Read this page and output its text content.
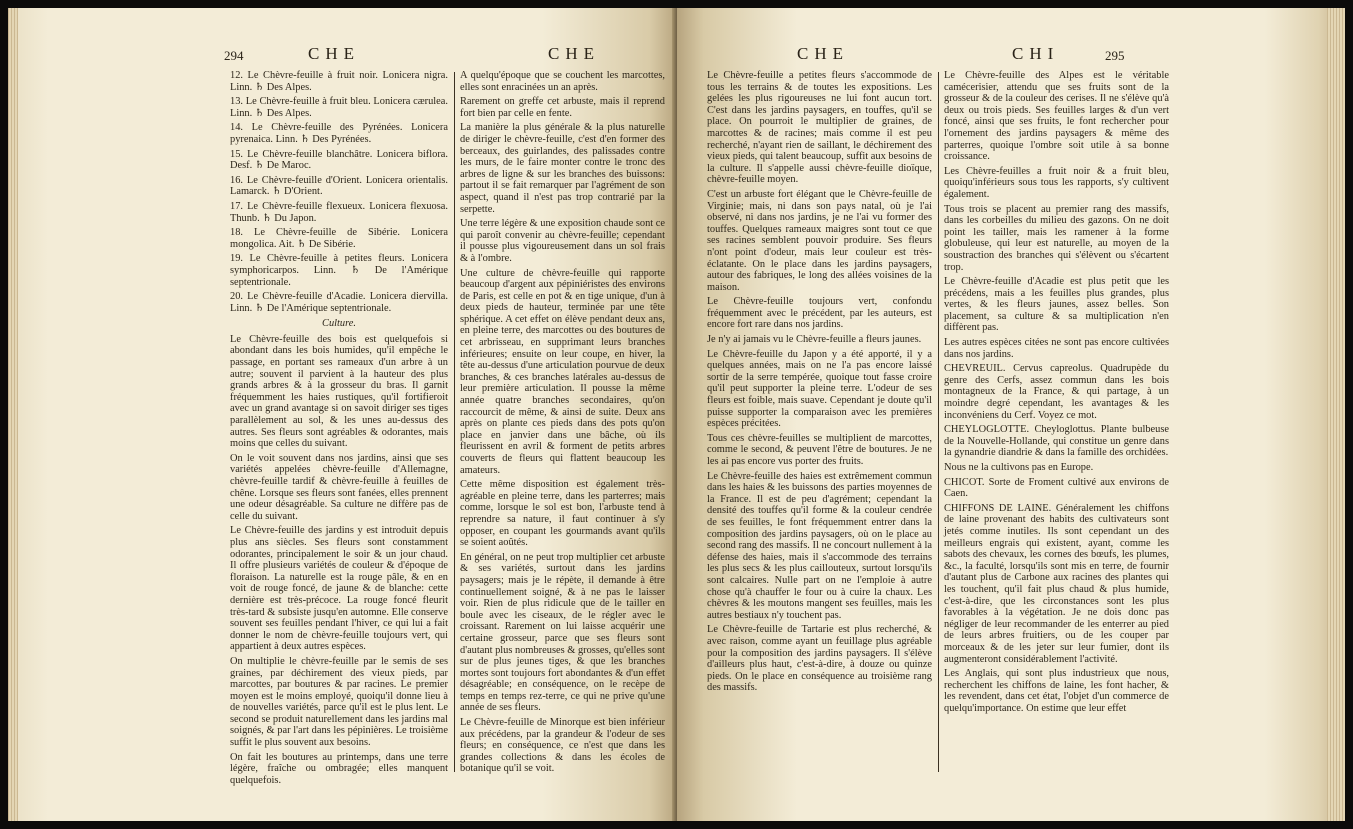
294	CHE	CHE

12. Le Chèvre-feuille à fruit noir. Lonicera nigra. Linn. ♄ Des Alpes.

13. Le Chèvre-feuille à fruit bleu. Lonicera cærulea. Linn. ♄ Des Alpes.

14. Le Chèvre-feuille des Pyrénées. Lonicera pyrenaica. Linn. ♄ Des Pyrénées.

15. Le Chèvre-feuille blanchâtre. Lonicera biflora. Desf. ♄ De Maroc.

16. Le Chèvre-feuille d'Orient. Lonicera orientalis. Lamarck. ♄ D'Orient.

17. Le Chèvre-feuille flexueux. Lonicera flexuosa. Thunb. ♄ Du Japon.

18. Le Chèvre-feuille de Sibérie. Lonicera mongolica. Ait. ♄ De Sibérie.

19. Le Chèvre-feuille à petites fleurs. Lonicera symphoricarpos. Linn. ♄ De l'Amérique septentrionale.

20. Le Chèvre-feuille d'Acadie. Lonicera diervilla. Linn. ♄ De l'Amérique septentrionale.

Culture.

Le Chèvre-feuille des bois est quelquefois si abondant dans les bois humides, qu'il empêche le passage, en portant ses rameaux d'un arbre à un autre; souvent il parvient à la hauteur des plus grands arbres & à la grosseur du bras. Il garnit fréquemment les haies rustiques, qu'il fortifieroit avec un grand avantage si on savoit diriger ses tiges parallèlement au sol, & les unes au-dessus des autres. Ses fleurs sont agréables & odorantes, mais moins que celles du suivant.

On le voit souvent dans nos jardins, ainsi que ses variétés appelées chèvre-feuille d'Allemagne, chèvre-feuille tardif & chèvre-feuille à feuilles de chêne. Lorsque ses fleurs sont fanées, elles prennent une odeur désagréable. Sa culture ne diffère pas de celle du suivant.

Le Chèvre-feuille des jardins y est introduit depuis plus ans siècles. Ses fleurs sont constamment odorantes, principalement le soir & un jour chaud. Il offre plusieurs variétés de couleur & d'époque de floraison. La naturelle est la rouge pâle, & en en voit de rouge foncé, de jaune & de blanche: cette dernière est très-précoce. La rouge foncé fleurit très-tard & subsiste jusqu'en automne. Elle conserve souvent ses feuilles pendant l'hiver, ce qui lui a fait donner le nom de chèvre-feuille toujours vert, qui appartient à deux autres espèces.

On multiplie le chèvre-feuille par le semis de ses graines, par déchirement des vieux pieds, par marcottes, par boutures & par racines. Le premier moyen est le moins employé, quoiqu'il donne lieu à de nouvelles variétés, parce qu'il est le plus lent. Le second se produit naturellement dans les jardins mal soignés, & par l'art dans les pépinières. Le troisième suffit le plus souvent aux besoins.

On fait les boutures au printemps, dans une terre légère, fraîche ou ombragée; elles manquent quelquefois.

A quelqu'époque que se couchent les marcottes, elles sont enracinées un an après.

Rarement on greffe cet arbuste, mais il reprend fort bien par celle en fente.

La manière la plus générale & la plus naturelle de diriger le chèvre-feuille, c'est d'en former des berceaux, des guirlandes, des palissades contre les murs, de le faire monter contre le tronc des arbres de ligne & sur les branches des buissons: partout il se fait remarquer par l'agrément de son aspect, quand il n'est pas trop contrarié par la serpette.

Une terre légère & une exposition chaude sont ce qui paroît convenir au chèvre-feuille; cependant il pousse plus vigoureusement dans un sol frais & à l'ombre.

Une culture de chèvre-feuille qui rapporte beaucoup d'argent aux pépiniéristes des environs de Paris, est celle en pot & en tige unique, d'un à deux pieds de hauteur, terminée par une tête sphérique. A cet effet on élève pendant deux ans, en pleine terre, des marcottes ou des boutures de cet arbrisseau, en supprimant leurs branches inférieures; ensuite on leur coupe, en hiver, la tête au-dessus d'une articulation pourvue de deux branches, & ces branches latérales au-dessus de leur première articulation. Il pousse la même année quatre branches secondaires, qu'on raccourcit de même, & ainsi de suite. Deux ans après on plante ces pieds dans des pots qu'on place en janvier dans une bâche, où ils fleurissent en avril & forment de petits arbres couverts de fleurs qui flattent beaucoup les amateurs.

Cette même disposition est également très-agréable en pleine terre, dans les parterres; mais comme, lorsque le sol est bon, l'arbuste tend à reprendre sa nature, il faut continuer à s'y opposer, en coupant les gourmands avant qu'ils se soient aoûtés.

En général, on ne peut trop multiplier cet arbuste & ses variétés, surtout dans les jardins paysagers; mais je le répète, il demande à être continuellement soigné, & à ne pas le laisser voir. Rien de plus ridicule que de le tailler en boule avec les ciseaux, de le régler avec le croissant. Rarement on lui laisse acquérir une certaine grosseur, parce que ses fleurs sont d'autant plus nombreuses & grosses, qu'elles sont sur de plus jeunes tiges, & que les branches mortes sont toujours fort abondantes & d'un effet désagréable; en conséquence, on le recèpe de temps en temps rez-terre, ce qui ne prive qu'une année de ses fleurs.

Le Chèvre-feuille de Minorque est bien inférieur aux précédens, par la grandeur & l'odeur de ses fleurs; en conséquence, ce n'est que dans les grandes collections & dans les écoles de botanique qu'il se voit.

CHE	CHI	295

Le Chèvre-feuille a petites fleurs s'accommode de tous les terrains & de toutes les expositions. Les gelées les plus rigoureuses ne lui font aucun tort. C'est dans les jardins paysagers, en touffes, qu'il se place. On pourroit le multiplier de graines, de marcottes & de racines; mais comme il est peu recherché, n'ayant rien de saillant, le déchirement des vieux pieds, qui talent beaucoup, suffit aux besoins de la culture. Il s'appelle aussi chèvre-feuille dioïque, chèvre-feuille moyen.

C'est un arbuste fort élégant que le Chèvre-feuille de Virginie; mais, ni dans son pays natal, où je l'ai observé, ni dans nos jardins, je ne l'ai vu former des touffes. Quelques rameaux maigres sont tout ce que ses racines semblent pouvoir produire. Ses fleurs n'ont point d'odeur, mais leur couleur est très-éclatante. On le place dans les jardins paysagers, autour des fabriques, le long des allées voisines de la maison.

Le Chèvre-feuille toujours vert, confondu fréquemment avec le précédent, par les auteurs, est encore fort rare dans nos jardins.

Je n'y ai jamais vu le Chèvre-feuille a fleurs jaunes.

Le Chèvre-feuille du Japon y a été apporté, il y a quelques années, mais on ne l'a pas encore laissé sortir de la serre tempérée, quoique tout fasse croire qu'il peut supporter la pleine terre. L'odeur de ses fleurs est foible, mais suave. Cependant je doute qu'il puisse supporter la comparaison avec les premières espèces précitées.

Tous ces chèvre-feuilles se multiplient de marcottes, comme le second, & peuvent l'être de boutures. Je ne les ai pas encore vus porter des fruits.

Le Chèvre-feuille des haies est extrêmement commun dans les haies & les buissons des parties moyennes de la France. Il est de peu d'agrément; cependant la densité des touffes qu'il forme & la couleur cendrée de ses feuilles, le font fréquemment entrer dans la composition des jardins paysagers, où on le place au second rang des massifs. Il ne concourt nullement à la défense des haies, mais il s'accommode des terrains les plus secs & les plus caillouteux, surtout lorsqu'ils sont calcaires. Nulle part on ne l'emploie à autre chose qu'à chauffer le four ou à cuire la chaux. Les chèvres & les moutons mangent ses feuilles, mais les autres bestiaux n'y touchent pas.

Le Chèvre-feuille de Tartarie est plus recherché, & avec raison, comme ayant un feuillage plus agréable pour la composition des jardins paysagers. Il s'élève d'ailleurs plus haut, c'est-à-dire, à douze ou quinze pieds. On le place en conséquence au troisième rang des massifs.

Le Chèvre-feuille des Alpes est le véritable camécerisier, attendu que ses fruits sont de la grosseur & de la couleur des cerises. Il ne s'élève qu'à deux ou trois pieds. Ses feuilles larges & d'un vert foncé, ainsi que ses fruits, le font rechercher pour l'ornement des jardins paysagers & même des parterres, quoique l'ombre soit utile à sa bonne croissance.

Les Chèvre-feuilles a fruit noir & a fruit bleu, quoiqu'inférieurs sous tous les rapports, s'y cultivent également.

Tous trois se placent au premier rang des massifs, dans les corbeilles du milieu des gazons. On ne doit point les tailler, mais les ramener à la forme globuleuse, qui leur est naturelle, au moyen de la soustraction des branches qui s'élèvent ou s'écartent trop.

Le Chèvre-feuille d'Acadie est plus petit que les précédens, mais a les feuilles plus grandes, plus vertes, & les fleurs jaunes, assez belles. Son placement, sa culture & sa multiplication n'en diffèrent pas.

Les autres espèces citées ne sont pas encore cultivées dans nos jardins.

CHEVREUIL. Cervus capreolus. Quadrupède du genre des Cerfs, assez commun dans les bois montagneux de la France, & qui partage, à un moindre degré cependant, les avantages & les inconvéniens du Cerf. Voyez ce mot.

CHEYLOGLOTTE. Cheyloglottus. Plante bulbeuse de la Nouvelle-Hollande, qui constitue un genre dans la gynandrie diandrie & dans la famille des orchidées.

Nous ne la cultivons pas en Europe.

CHICOT. Sorte de Froment cultivé aux environs de Caen.

CHIFFONS DE LAINE. Généralement les chiffons de laine provenant des habits des cultivateurs sont jetés comme inutiles. Ils sont cependant un des meilleurs engrais qui existent, ayant, comme les sabots des chevaux, les cornes des bœufs, les plumes, &c., la faculté, lorsqu'ils sont mis en terre, de fournir d'autant plus de Carbone aux racines des plantes qui les touchent, qu'il fait plus chaud & plus humide, c'est-à-dire, que les circonstances sont les plus favorables à la végétation. Je ne dois donc pas négliger de leur recommander de les enterrer au pied de leurs arbres fruitiers, ou de les couper par morceaux & de les jeter sur leur fumier, dont ils augmenteront considérablement l'activité.

Les Anglais, qui sont plus industrieux que nous, recherchent les chiffons de laine, les font hacher, & les revendent, dans cet état, l'objet d'un commerce de quelqu'importance. On estime que leur effet
